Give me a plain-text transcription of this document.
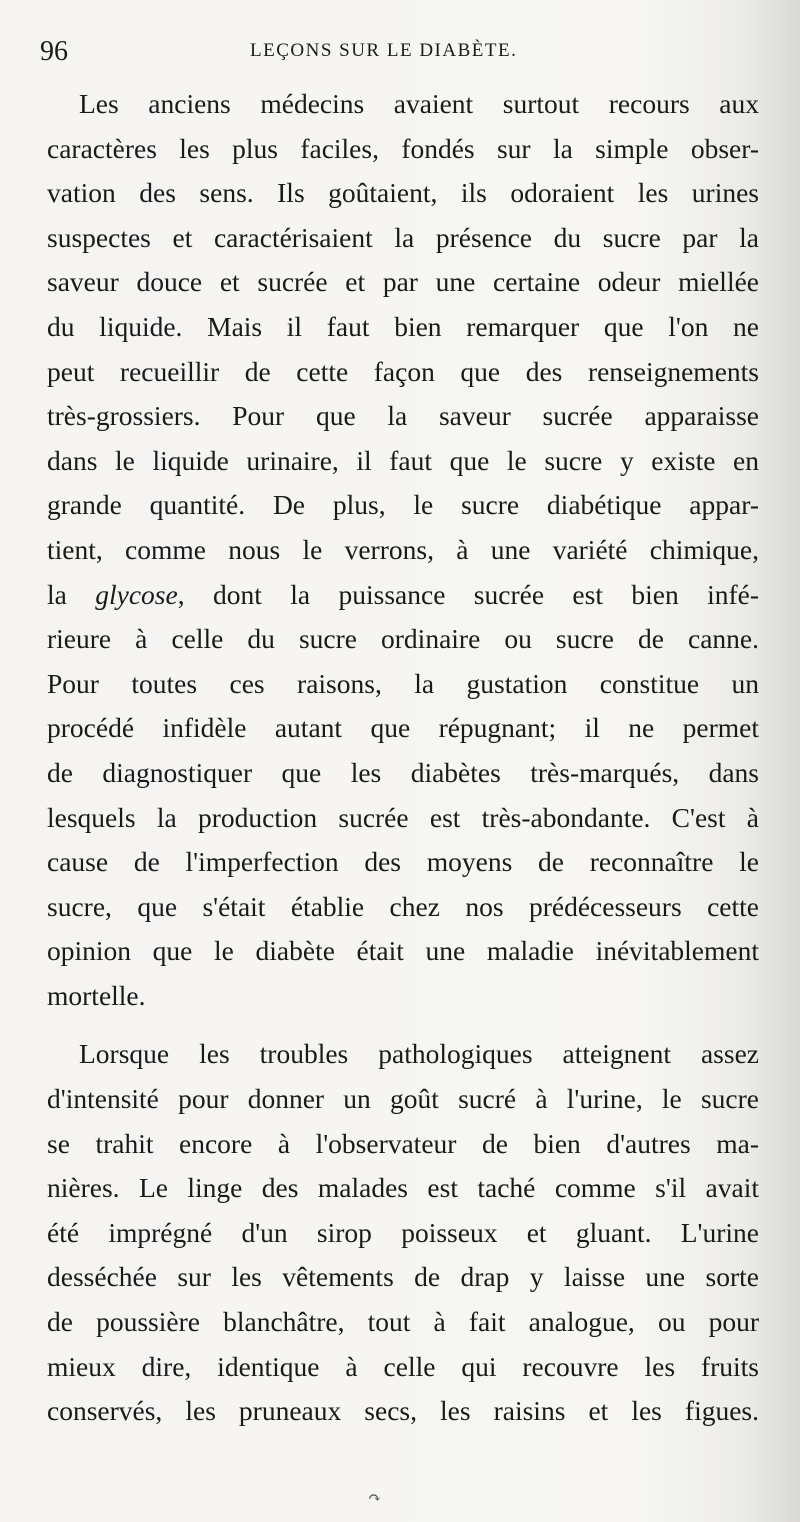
96	LEÇONS SUR LE DIABÈTE.
Les anciens médecins avaient surtout recours aux
caractères les plus faciles, fondés sur la simple obser-
vation des sens. Ils goûtaient, ils odoraient les urines
suspectes et caractérisaient la présence du sucre par la
saveur douce et sucrée et par une certaine odeur miellée
du liquide. Mais il faut bien remarquer que l'on ne
peut recueillir de cette façon que des renseignements
très-grossiers. Pour que la saveur sucrée apparaisse
dans le liquide urinaire, il faut que le sucre y existe en
grande quantité. De plus, le sucre diabétique appar-
tient, comme nous le verrons, à une variété chimique,
la glycose, dont la puissance sucrée est bien infé-
rieure à celle du sucre ordinaire ou sucre de canne.
Pour toutes ces raisons, la gustation constitue un
procédé infidèle autant que répugnant; il ne permet
de diagnostiquer que les diabètes très-marqués, dans
lesquels la production sucrée est très-abondante. C'est à
cause de l'imperfection des moyens de reconnaître le
sucre, que s'était établie chez nos prédécesseurs cette
opinion que le diabète était une maladie inévitablement
mortelle.
Lorsque les troubles pathologiques atteignent assez
d'intensité pour donner un goût sucré à l'urine, le sucre
se trahit encore à l'observateur de bien d'autres ma-
nières. Le linge des malades est taché comme s'il avait
été imprégné d'un sirop poisseux et gluant. L'urine
desséchée sur les vêtements de drap y laisse une sorte
de poussière blanchâtre, tout à fait analogue, ou pour
mieux dire, identique à celle qui recouvre les fruits
conservés, les pruneaux secs, les raisins et les figues.
↷
